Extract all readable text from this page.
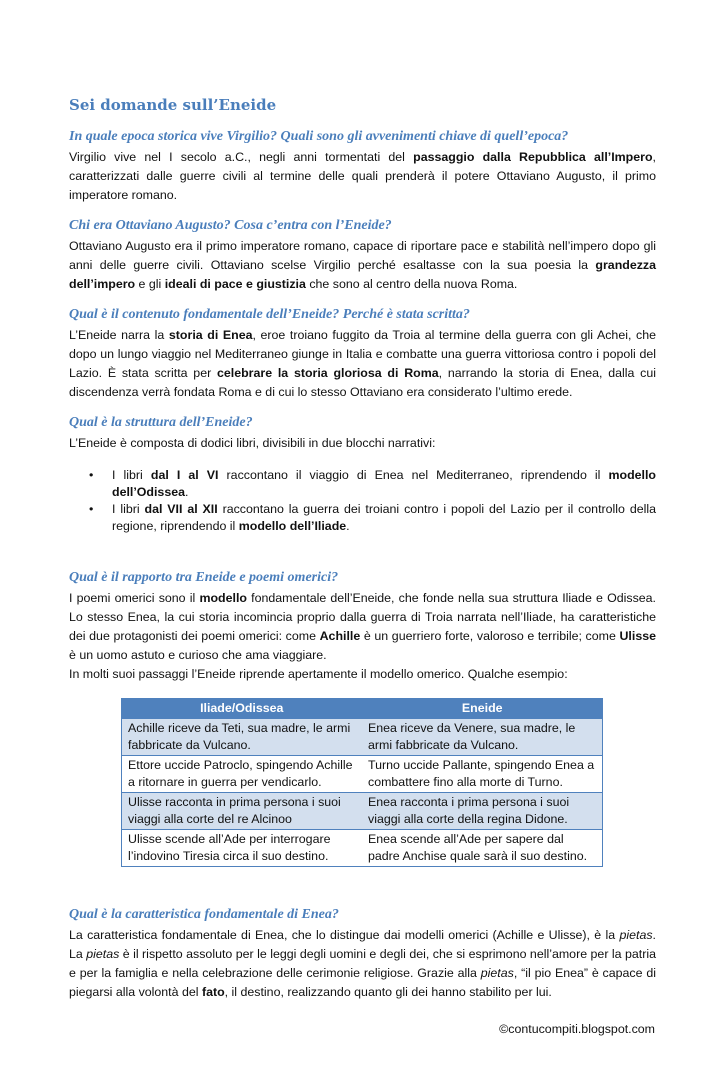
Sei domande sull’Eneide
In quale epoca storica vive Virgilio? Quali sono gli avvenimenti chiave di quell’epoca?

Virgilio vive nel I secolo a.C., negli anni tormentati del passaggio dalla Repubblica all’Impero, caratterizzati dalle guerre civili al termine delle quali prenderà il potere Ottaviano Augusto, il primo imperatore romano.

Chi era Ottaviano Augusto? Cosa c’entra con l’Eneide?

Ottaviano Augusto era il primo imperatore romano, capace di riportare pace e stabilità nell’impero dopo gli anni delle guerre civili. Ottaviano scelse Virgilio perché esaltasse con la sua poesia la grandezza dell’impero e gli ideali di pace e giustizia che sono al centro della nuova Roma.

Qual è il contenuto fondamentale dell’Eneide? Perché è stata scritta?

L’Eneide narra la storia di Enea, eroe troiano fuggito da Troia al termine della guerra con gli Achei, che dopo un lungo viaggio nel Mediterraneo giunge in Italia e combatte una guerra vittoriosa contro i popoli del Lazio. È stata scritta per celebrare la storia gloriosa di Roma, narrando la storia di Enea, dalla cui discendenza verrà fondata Roma e di cui lo stesso Ottaviano era considerato l’ultimo erede.

Qual è la struttura dell’Eneide?

L’Eneide è composta di dodici libri, divisibili in due blocchi narrativi:

• I libri dal I al VI raccontano il viaggio di Enea nel Mediterraneo, riprendendo il modello dell’Odissea.
• I libri dal VII al XII raccontano la guerra dei troiani contro i popoli del Lazio per il controllo della regione, riprendendo il modello dell’Iliade.
Qual è il rapporto tra Eneide e poemi omerici?

I poemi omerici sono il modello fondamentale dell’Eneide, che fonde nella sua struttura Iliade e Odissea. Lo stesso Enea, la cui storia incomincia proprio dalla guerra di Troia narrata nell’Iliade, ha caratteristiche dei due protagonisti dei poemi omerici: come Achille è un guerriero forte, valoroso e terribile; come Ulisse è un uomo astuto e curioso che ama viaggiare.

In molti suoi passaggi l’Eneide riprende apertamente il modello omerico. Qualche esempio:

Iliade/Odissea	Eneide
Achille riceve da Teti, sua madre, le armi fabbricate da Vulcano.	Enea riceve da Venere, sua madre, le armi fabbricate da Vulcano.
Ettore uccide Patroclo, spingendo Achille a ritornare in guerra per vendicarlo.	Turno uccide Pallante, spingendo Enea a combattere fino alla morte di Turno.
Ulisse racconta in prima persona i suoi viaggi alla corte del re Alcinoo	Enea racconta i prima persona i suoi viaggi alla corte della regina Didone.
Ulisse scende all’Ade per interrogare l’indovino Tiresia circa il suo destino.	Enea scende all’Ade per sapere dal padre Anchise quale sarà il suo destino.
Qual è la caratteristica fondamentale di Enea?

La caratteristica fondamentale di Enea, che lo distingue dai modelli omerici (Achille e Ulisse), è la pietas. La pietas è il rispetto assoluto per le leggi degli uomini e degli dei, che si esprimono nell’amore per la patria e per la famiglia e nella celebrazione delle cerimonie religiose. Grazie alla pietas, “il pio Enea” è capace di piegarsi alla volontà del fato, il destino, realizzando quanto gli dei hanno stabilito per lui.

©contucompiti.blogspot.com
